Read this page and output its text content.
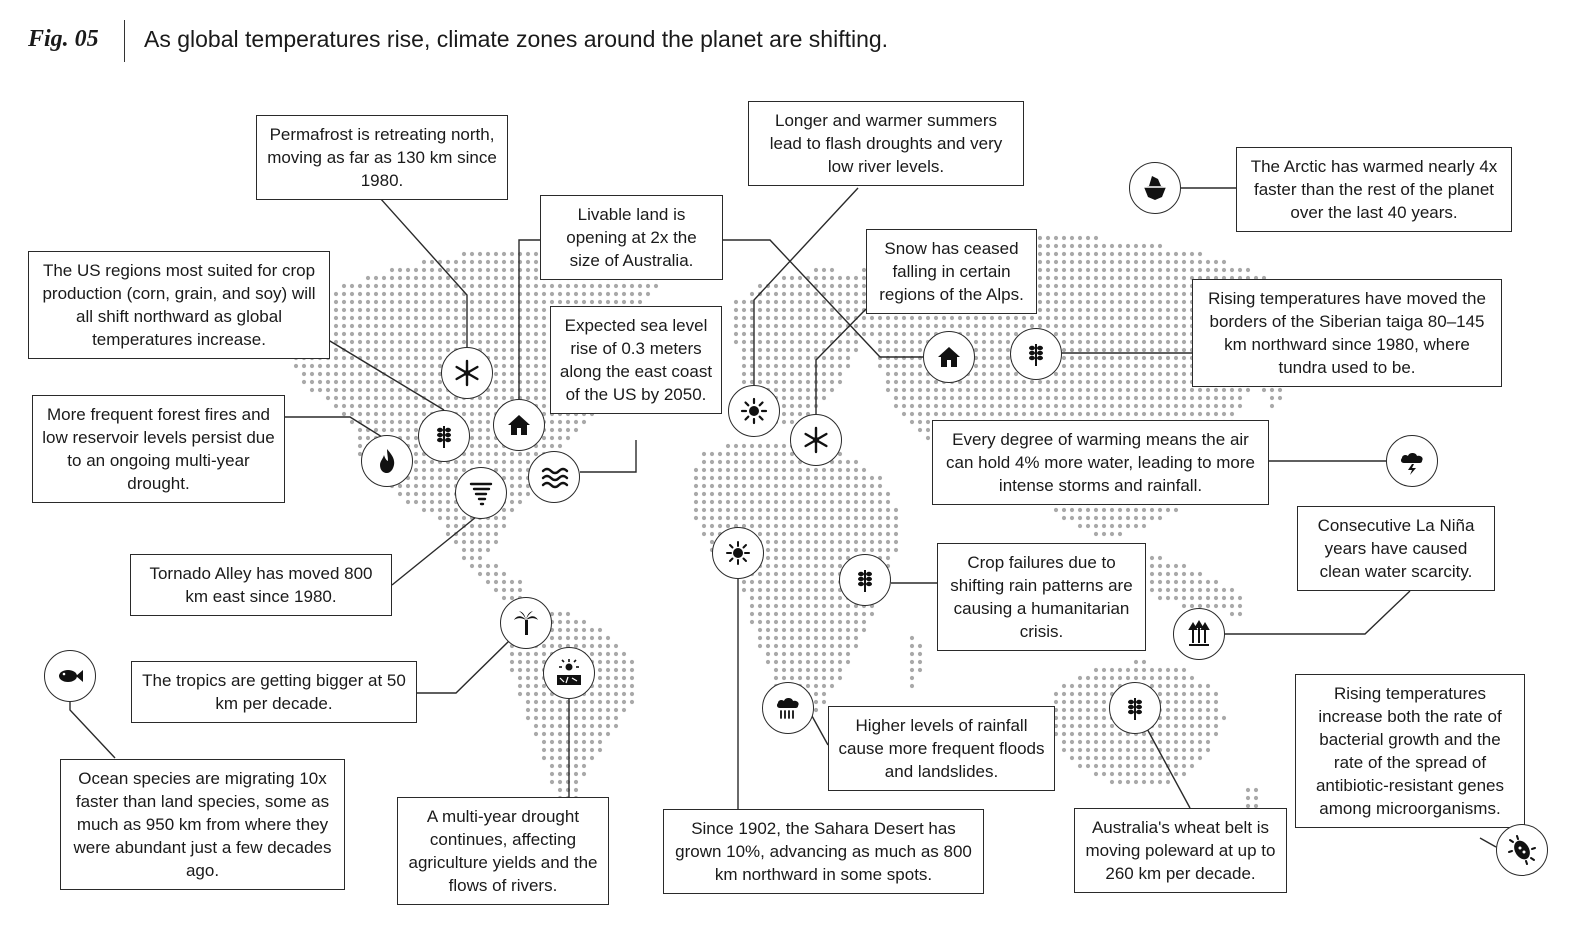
Fig. 05 As global temperatures rise, climate zones around the planet are shifting.
Permafrost is retreating north, moving as far as 130 km since 1980.
The US regions most suited for crop production (corn, grain, and soy) will all shift northward as global temperatures increase.
More frequent forest fires and low reservoir levels persist due to an ongoing multi-year drought.
Tornado Alley has moved 800 km east since 1980.
The tropics are getting bigger at 50 km per decade.
Ocean species are migrating 10x faster than land species, some as much as 950 km from where they were abundant just a few decades ago.
Livable land is opening at 2x the size of Australia.
Expected sea level rise of 0.3 meters along the east coast of the US by 2050.
A multi-year drought continues, affecting agriculture yields and the flows of rivers.
Longer and warmer summers lead to flash droughts and very low river levels.
Snow has ceased falling in certain regions of the Alps.
Since 1902, the Sahara Desert has grown 10%, advancing as much as 800 km northward in some spots.
Crop failures due to shifting rain patterns are causing a humanitarian crisis.
Higher levels of rainfall cause more frequent floods and landslides.
The Arctic has warmed nearly 4x faster than the rest of the planet over the last 40 years.
Rising temperatures have moved the borders of the Siberian taiga 80–145 km northward since 1980, where tundra used to be.
Every degree of warming means the air can hold 4% more water, leading to more intense storms and rainfall.
Consecutive La Niña years have caused clean water scarcity.
Australia's wheat belt is moving poleward at up to 260 km per decade.
Rising temperatures increase both the rate of bacterial growth and the rate of the spread of antibiotic-resistant genes among microorganisms.
